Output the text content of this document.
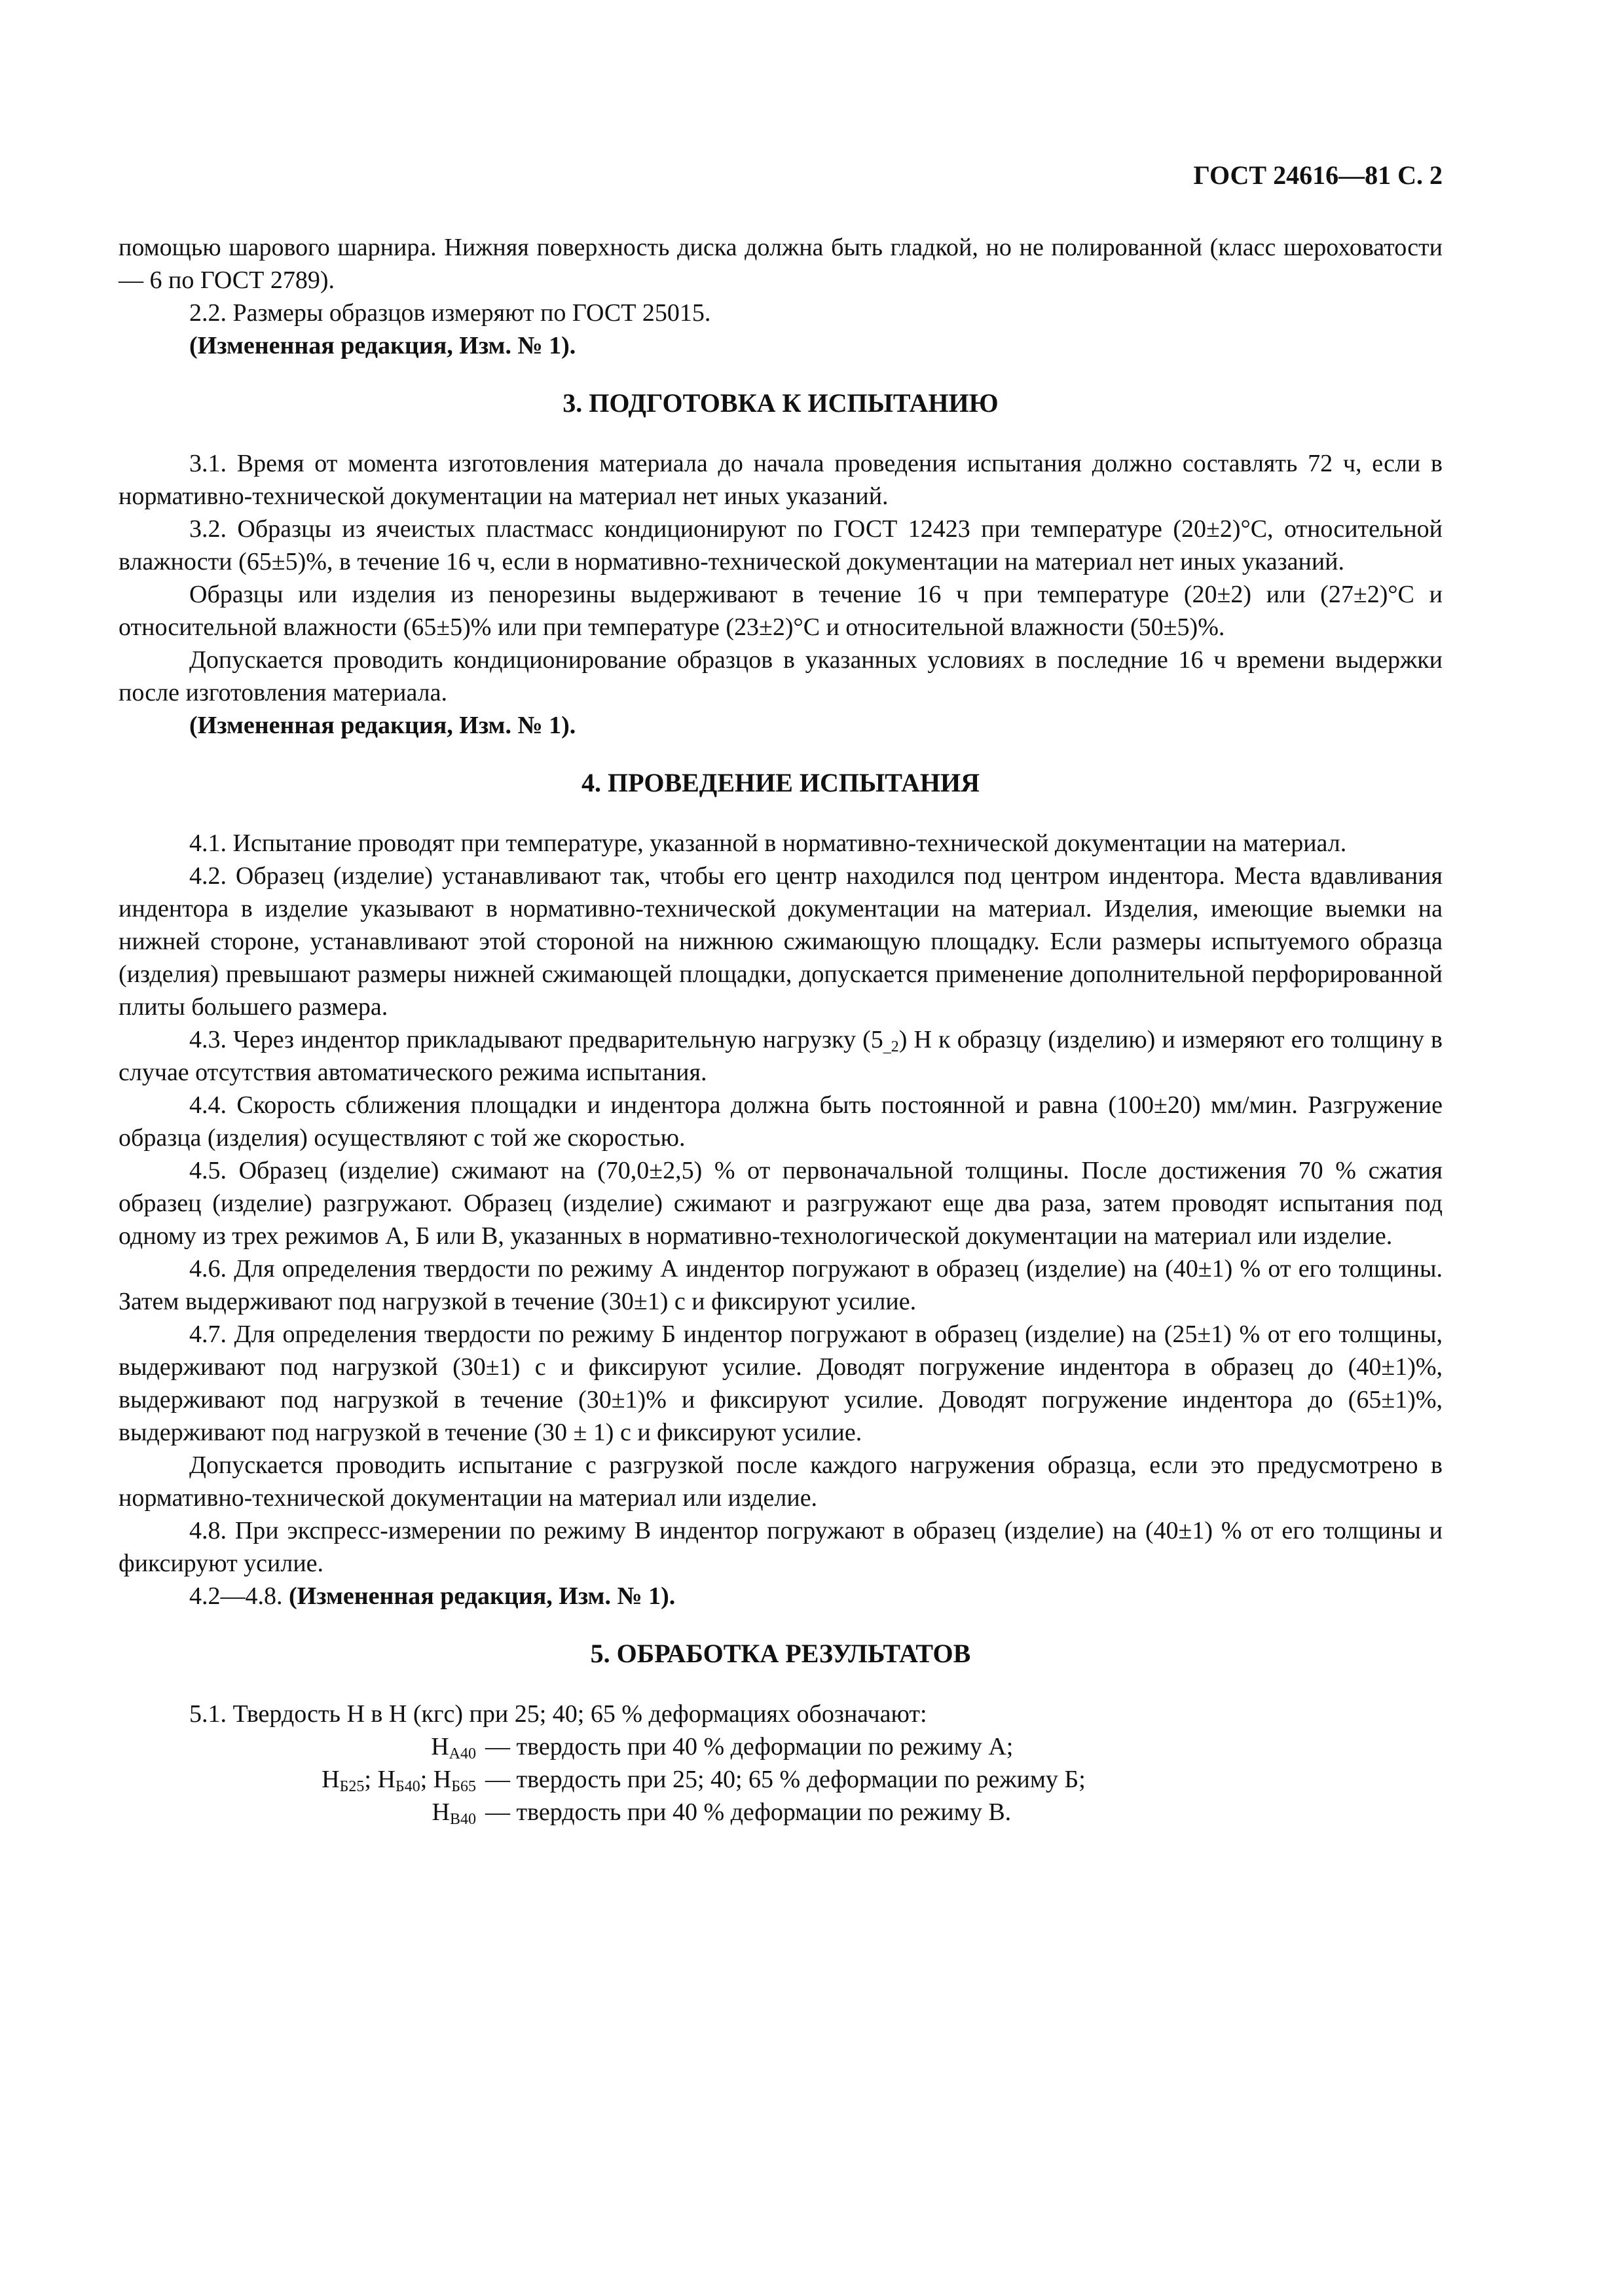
ГОСТ 24616—81 С. 2

помощью шарового шарнира. Нижняя поверхность диска должна быть гладкой, но не полированной (класс шероховатости — 6 по ГОСТ 2789).

2.2. Размеры образцов измеряют по ГОСТ 25015.

(Измененная редакция, Изм. № 1).

3. ПОДГОТОВКА К ИСПЫТАНИЮ

3.1. Время от момента изготовления материала до начала проведения испытания должно составлять 72 ч, если в нормативно-технической документации на материал нет иных указаний.

3.2. Образцы из ячеистых пластмасс кондиционируют по ГОСТ 12423 при температуре (20±2)°С, относительной влажности (65±5)%, в течение 16 ч, если в нормативно-технической документации на материал нет иных указаний.

Образцы или изделия из пенорезины выдерживают в течение 16 ч при температуре (20±2) или (27±2)°С и относительной влажности (65±5)% или при температуре (23±2)°С и относительной влажности (50±5)%.

Допускается проводить кондиционирование образцов в указанных условиях в последние 16 ч времени выдержки после изготовления материала.

(Измененная редакция, Изм. № 1).

4. ПРОВЕДЕНИЕ ИСПЫТАНИЯ

4.1. Испытание проводят при температуре, указанной в нормативно-технической документации на материал.

4.2. Образец (изделие) устанавливают так, чтобы его центр находился под центром индентора. Места вдавливания индентора в изделие указывают в нормативно-технической документации на материал. Изделия, имеющие выемки на нижней стороне, устанавливают этой стороной на нижнюю сжимающую площадку. Если размеры испытуемого образца (изделия) превышают размеры нижней сжимающей площадки, допускается применение дополнительной перфорированной плиты большего размера.

4.3. Через индентор прикладывают предварительную нагрузку $(5_{\_2})$ Н к образцу (изделию) и измеряют его толщину в случае отсутствия автоматического режима испытания.

4.4. Скорость сближения площадки и индентора должна быть постоянной и равна (100±20) мм/мин. Разгружение образца (изделия) осуществляют с той же скоростью.

4.5. Образец (изделие) сжимают на (70,0±2,5) % от первоначальной толщины. После достижения 70 % сжатия образец (изделие) разгружают. Образец (изделие) сжимают и разгружают еще два раза, затем проводят испытания под одному из трех режимов А, Б или В, указанных в нормативно-технологической документации на материал или изделие.

4.6. Для определения твердости по режиму А индентор погружают в образец (изделие) на (40±1) % от его толщины. Затем выдерживают под нагрузкой в течение (30±1) с и фиксируют усилие.

4.7. Для определения твердости по режиму Б индентор погружают в образец (изделие) на (25±1) % от его толщины, выдерживают под нагрузкой (30±1) с и фиксируют усилие. Доводят погружение индентора в образец до (40±1)%, выдерживают под нагрузкой в течение (30±1)% и фиксируют усилие. Доводят погружение индентора до (65±1)%, выдерживают под нагрузкой в течение (30 ± 1) с и фиксируют усилие.

Допускается проводить испытание с разгрузкой после каждого нагружения образца, если это предусмотрено в нормативно-технической документации на материал или изделие.

4.8. При экспресс-измерении по режиму В индентор погружают в образец (изделие) на (40±1) % от его толщины и фиксируют усилие.

4.2—4.8. (Измененная редакция, Изм. № 1).

5. ОБРАБОТКА РЕЗУЛЬТАТОВ

5.1. Твердость Н в Н (кгс) при 25; 40; 65 % деформациях обозначают:

$Н_{А40}$ — твердость при 40 % деформации по режиму А;
$Н_{Б25}$; $Н_{Б40}$; $Н_{Б65}$ — твердость при 25; 40; 65 % деформации по режиму Б;
$Н_{В40}$ — твердость при 40 % деформации по режиму В.
